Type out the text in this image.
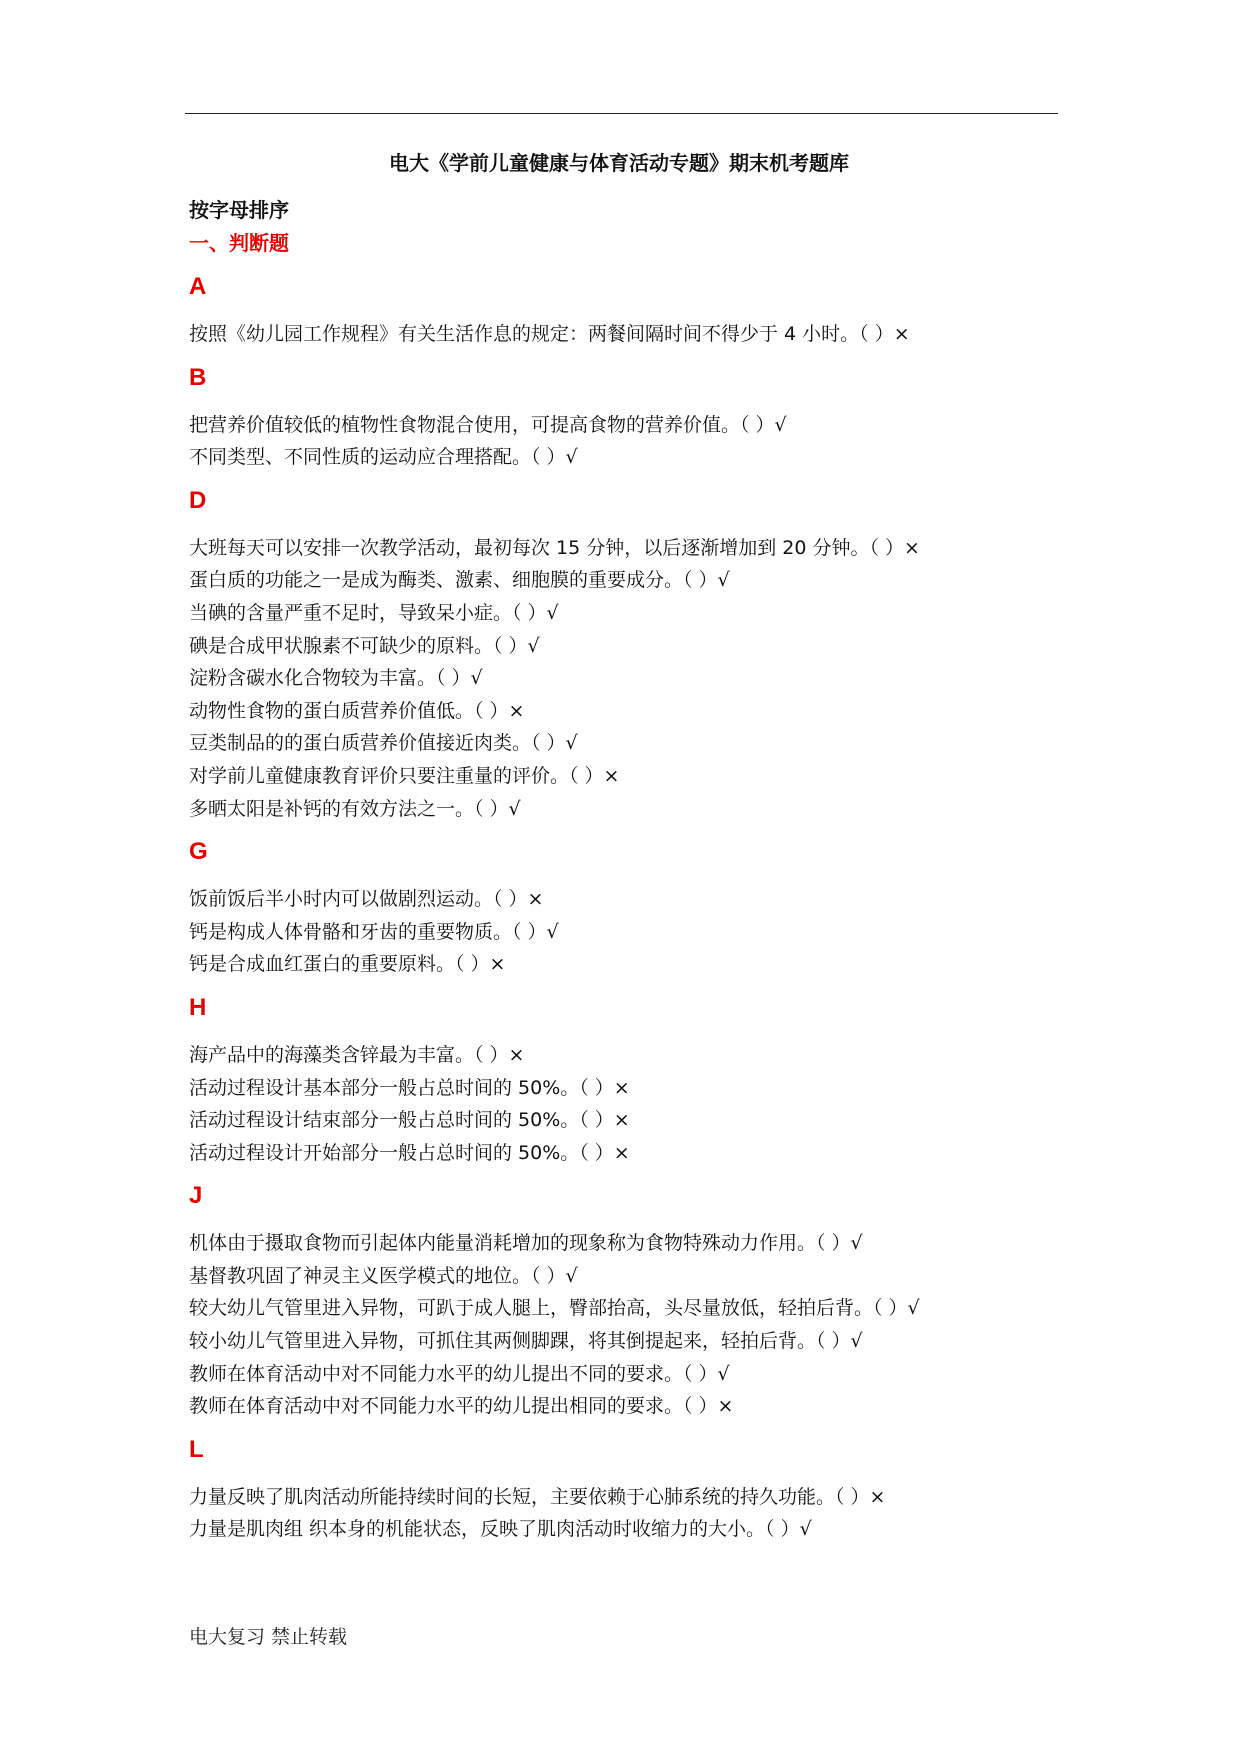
电大《学前儿童健康与体育活动专题》期末机考题库
按字母排序
一、判断题
A
按照《幼儿园工作规程》有关生活作息的规定：两餐间隔时间不得少于 4 小时。（ ）×
B
把营养价值较低的植物性食物混合使用，可提高食物的营养价值。（ ）√
不同类型、不同性质的运动应合理搭配。（ ）√
D
大班每天可以安排一次教学活动，最初每次 15 分钟，以后逐渐增加到 20 分钟。（ ）×
蛋白质的功能之一是成为酶类、激素、细胞膜的重要成分。（ ）√
当碘的含量严重不足时，导致呆小症。（ ）√
碘是合成甲状腺素不可缺少的原料。（ ）√
淀粉含碳水化合物较为丰富。（ ）√
动物性食物的蛋白质营养价值低。（ ）×
豆类制品的的蛋白质营养价值接近肉类。（ ）√
对学前儿童健康教育评价只要注重量的评价。（ ）×
多晒太阳是补钙的有效方法之一。（ ）√
G
饭前饭后半小时内可以做剧烈运动。（ ）×
钙是构成人体骨骼和牙齿的重要物质。（ ）√
钙是合成血红蛋白的重要原料。（ ）×
H
海产品中的海藻类含锌最为丰富。（ ）×
活动过程设计基本部分一般占总时间的 50%。（ ）×
活动过程设计结束部分一般占总时间的 50%。（ ）×
活动过程设计开始部分一般占总时间的 50%。（ ）×
J
机体由于摄取食物而引起体内能量消耗增加的现象称为食物特殊动力作用。（ ）√
基督教巩固了神灵主义医学模式的地位。（ ）√
较大幼儿气管里进入异物，可趴于成人腿上，臀部抬高，头尽量放低，轻拍后背。（ ）√
较小幼儿气管里进入异物，可抓住其两侧脚踝，将其倒提起来，轻拍后背。（ ）√
教师在体育活动中对不同能力水平的幼儿提出不同的要求。（ ）√
教师在体育活动中对不同能力水平的幼儿提出相同的要求。（ ）×
L
力量反映了肌肉活动所能持续时间的长短，主要依赖于心肺系统的持久功能。（ ）×
力量是肌肉组 织本身的机能状态，反映了肌肉活动时收缩力的大小。（ ）√
电大复习 禁止转载
